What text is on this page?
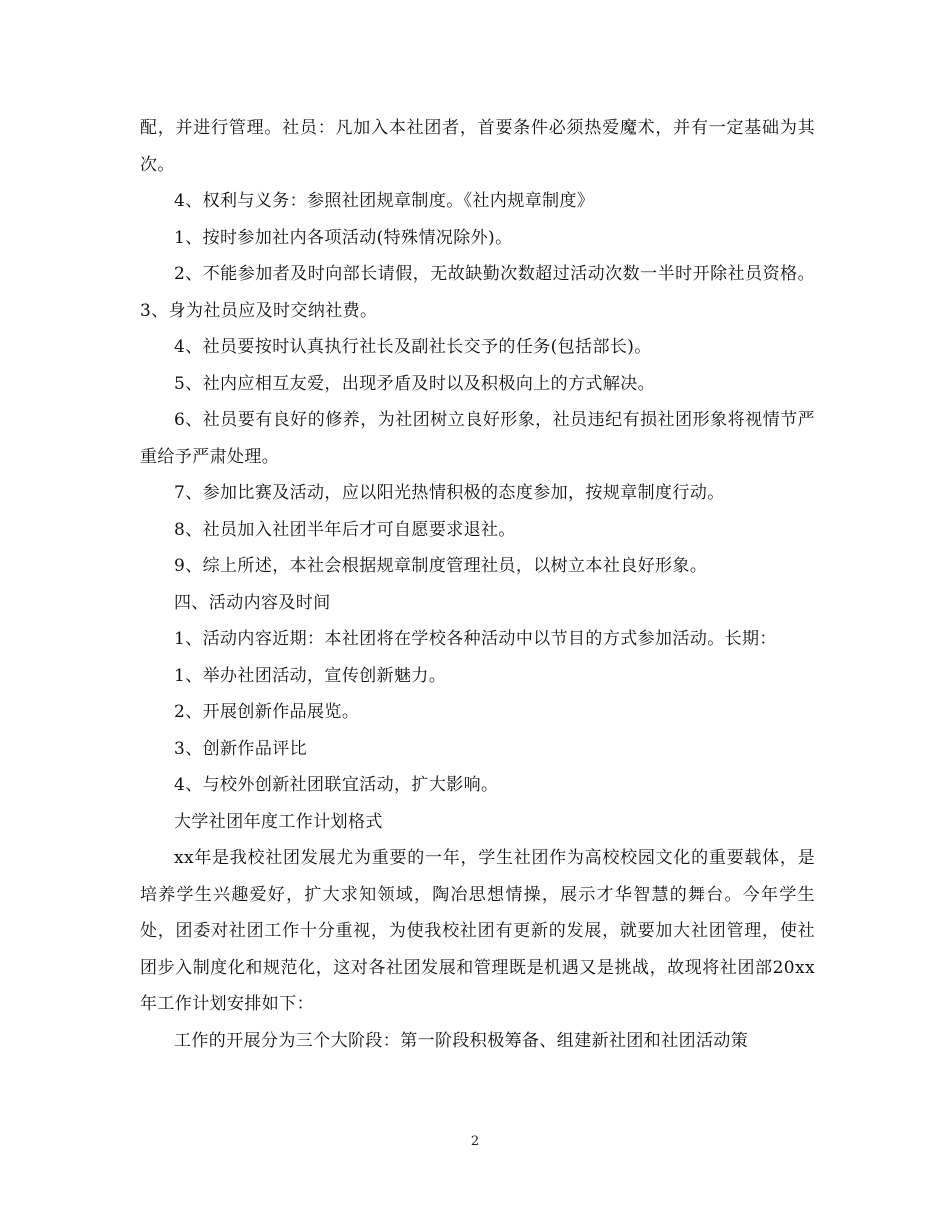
配，并进行管理。社员：凡加入本社团者，首要条件必须热爱魔术，并有一定基础为其次。

4、权利与义务：参照社团规章制度。《社内规章制度》

1、按时参加社内各项活动(特殊情况除外)。

2、不能参加者及时向部长请假，无故缺勤次数超过活动次数一半时开除社员资格。3、身为社员应及时交纳社费。

4、社员要按时认真执行社长及副社长交予的任务(包括部长)。

5、社内应相互友爱，出现矛盾及时以及积极向上的方式解决。

6、社员要有良好的修养，为社团树立良好形象，社员违纪有损社团形象将视情节严重给予严肃处理。

7、参加比赛及活动，应以阳光热情积极的态度参加，按规章制度行动。

8、社员加入社团半年后才可自愿要求退社。

9、综上所述，本社会根据规章制度管理社员，以树立本社良好形象。

四、活动内容及时间

1、活动内容近期：本社团将在学校各种活动中以节目的方式参加活动。长期：

1、举办社团活动，宣传创新魅力。

2、开展创新作品展览。

3、创新作品评比

4、与校外创新社团联宜活动，扩大影响。

大学社团年度工作计划格式

xx年是我校社团发展尤为重要的一年，学生社团作为高校校园文化的重要载体，是培养学生兴趣爱好，扩大求知领域，陶冶思想情操，展示才华智慧的舞台。今年学生处，团委对社团工作十分重视，为使我校社团有更新的发展，就要加大社团管理，使社团步入制度化和规范化，这对各社团发展和管理既是机遇又是挑战，故现将社团部20xx年工作计划安排如下：

工作的开展分为三个大阶段：第一阶段积极筹备、组建新社团和社团活动策

2
